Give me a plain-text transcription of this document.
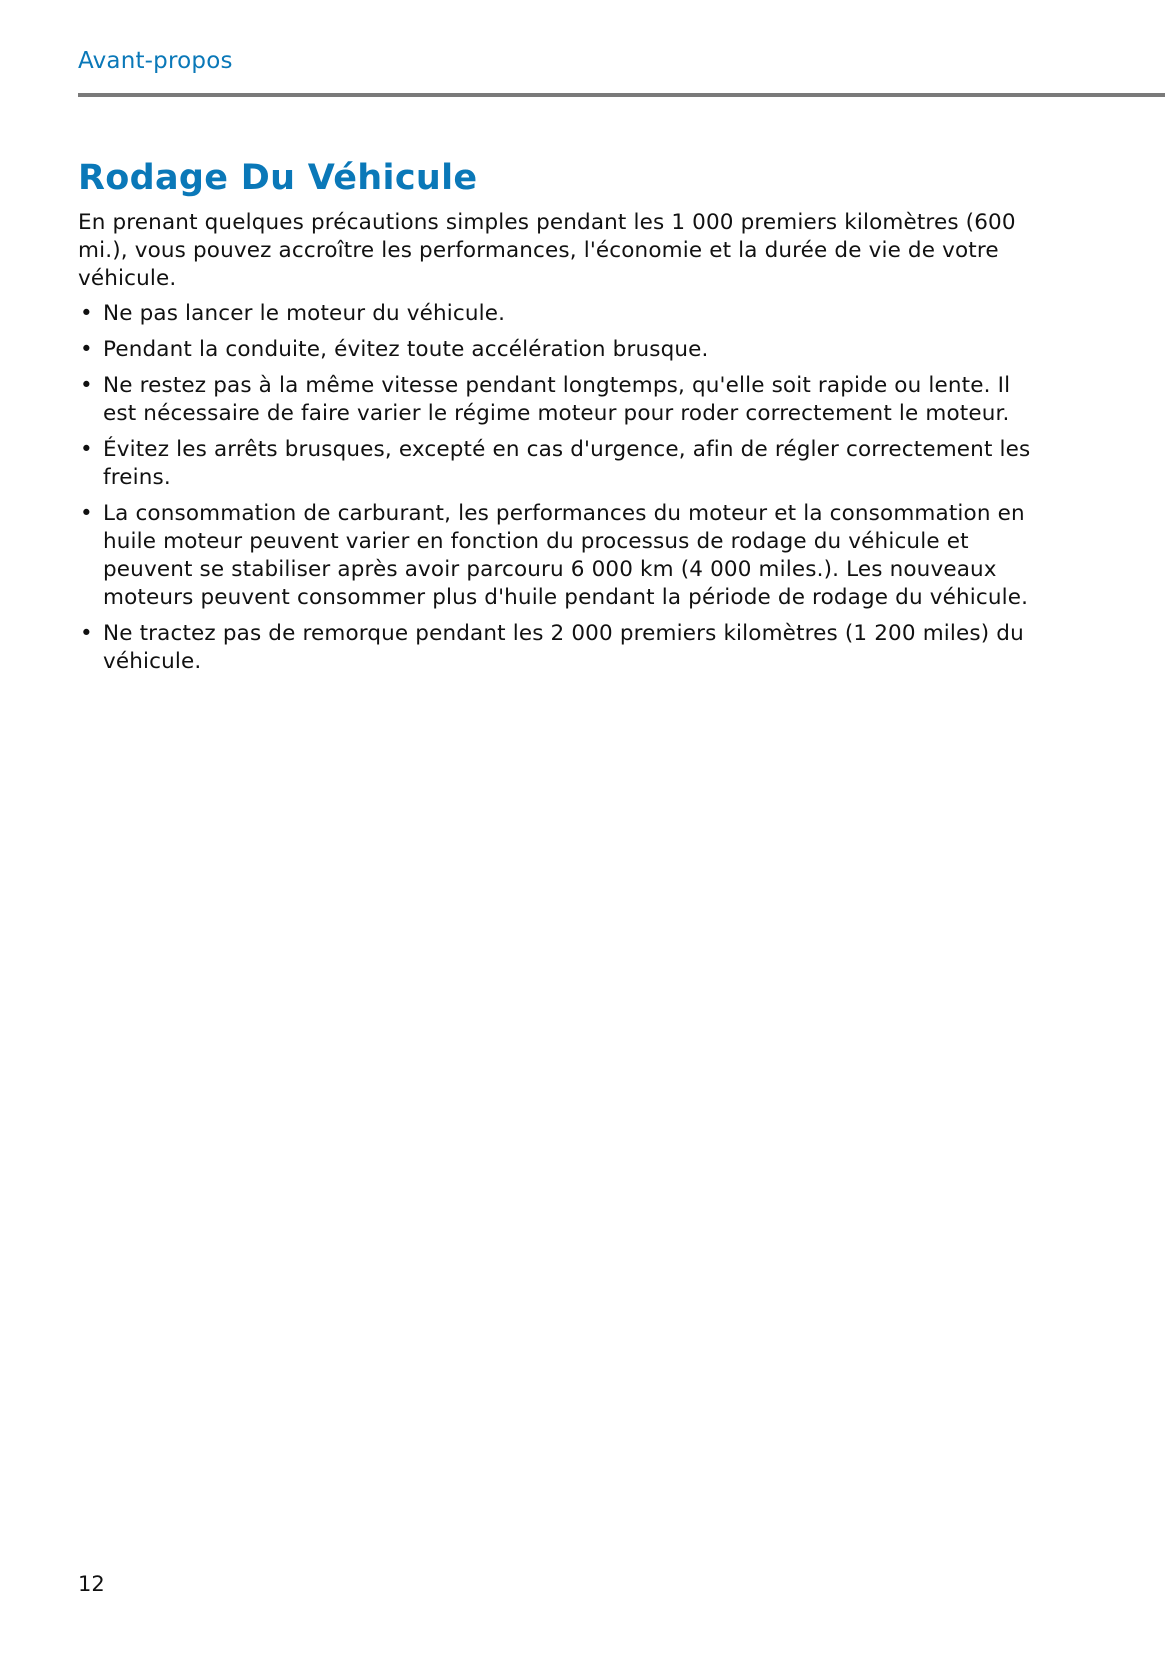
Avant-propos
Rodage Du Véhicule

En prenant quelques précautions simples pendant les 1 000 premiers kilomètres (600 mi.), vous pouvez accroître les performances, l'économie et la durée de vie de votre véhicule.

• Ne pas lancer le moteur du véhicule.
• Pendant la conduite, évitez toute accélération brusque.
• Ne restez pas à la même vitesse pendant longtemps, qu'elle soit rapide ou lente. Il est nécessaire de faire varier le régime moteur pour roder correctement le moteur.
• Évitez les arrêts brusques, excepté en cas d'urgence, afin de régler correctement les freins.
• La consommation de carburant, les performances du moteur et la consommation en huile moteur peuvent varier en fonction du processus de rodage du véhicule et peuvent se stabiliser après avoir parcouru 6 000 km (4 000 miles.). Les nouveaux moteurs peuvent consommer plus d'huile pendant la période de rodage du véhicule.
• Ne tractez pas de remorque pendant les 2 000 premiers kilomètres (1 200 miles) du véhicule.
12
